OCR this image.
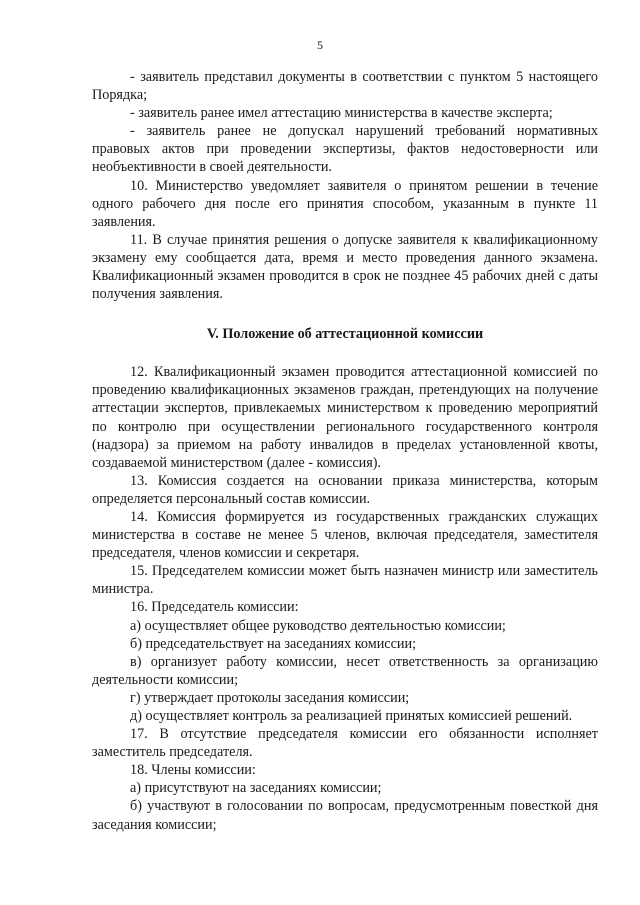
5

- заявитель представил документы в соответствии с пунктом 5 настоящего Порядка;

- заявитель ранее имел аттестацию министерства в качестве эксперта;

- заявитель ранее не допускал нарушений требований нормативных правовых актов при проведении экспертизы, фактов недостоверности или необъективности в своей деятельности.

10. Министерство уведомляет заявителя о принятом решении в течение одного рабочего дня после его принятия способом, указанным в пункте 11 заявления.

11. В случае принятия решения о допуске заявителя к квалификационному экзамену ему сообщается дата, время и место проведения данного экзамена. Квалификационный экзамен проводится в срок не позднее 45 рабочих дней с даты получения заявления.

V. Положение об аттестационной комиссии

12. Квалификационный экзамен проводится аттестационной комиссией по проведению квалификационных экзаменов граждан, претендующих на получение аттестации экспертов, привлекаемых министерством к проведению мероприятий по контролю при осуществлении регионального государственного контроля (надзора) за приемом на работу инвалидов в пределах установленной квоты, создаваемой министерством (далее - комиссия).

13. Комиссия создается на основании приказа министерства, которым определяется персональный состав комиссии.

14. Комиссия формируется из государственных гражданских служащих министерства в составе не менее 5 членов, включая председателя, заместителя председателя, членов комиссии и секретаря.

15. Председателем комиссии может быть назначен министр или заместитель министра.

16. Председатель комиссии:

а) осуществляет общее руководство деятельностью комиссии;

б) председательствует на заседаниях комиссии;

в) организует работу комиссии, несет ответственность за организацию деятельности комиссии;

г) утверждает протоколы заседания комиссии;

д) осуществляет контроль за реализацией принятых комиссией решений.

17. В отсутствие председателя комиссии его обязанности исполняет заместитель председателя.

18. Члены комиссии:

а) присутствуют на заседаниях комиссии;

б) участвуют в голосовании по вопросам, предусмотренным повесткой дня заседания комиссии;
